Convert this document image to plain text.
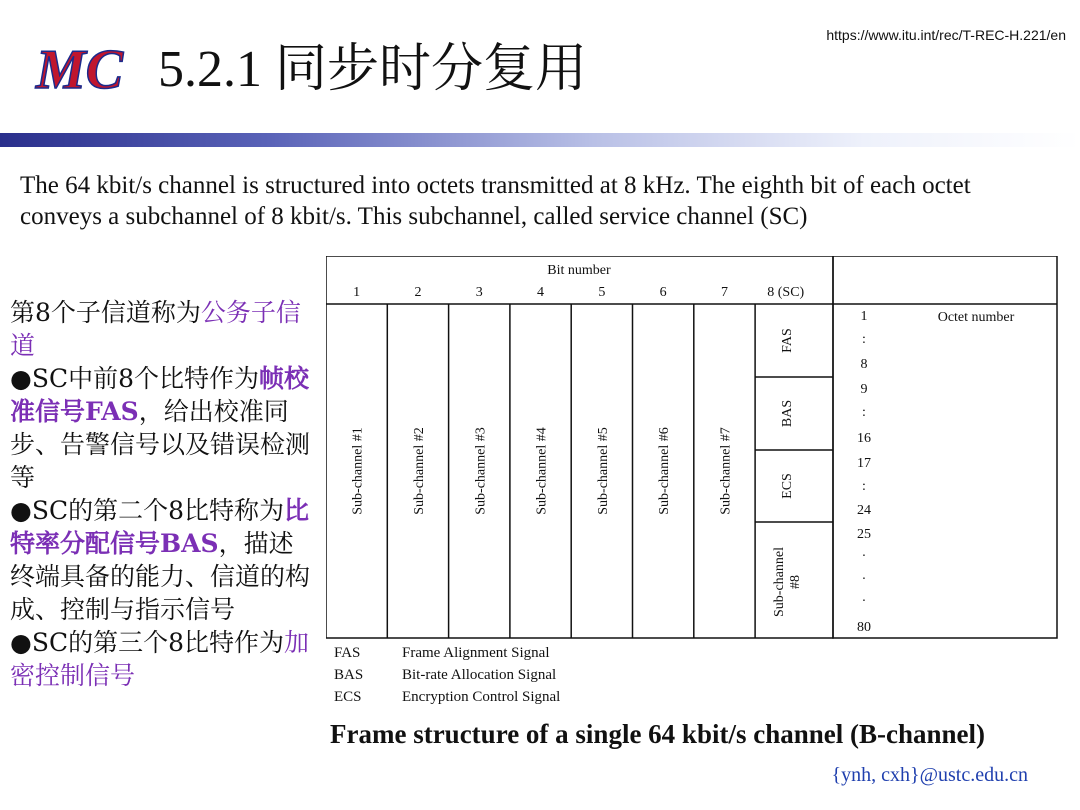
MC 5.2.1 同步时分复用
https://www.itu.int/rec/T-REC-H.221/en
The 64 kbit/s channel is structured into octets transmitted at 8 kHz. The eighth bit of each octet
conveys a subchannel of 8 kbit/s. This subchannel, called service channel (SC)

第8个子信道称为公务子信道

●SC中前8个比特作为帧校准信号FAS，给出校准同步、告警信号以及错误检测等

●SC的第二个8比特称为比特率分配信号BAS，描述终端具备的能力、信道的构成、控制与指示信号

●SC的第三个8比特作为加密控制信号

Bit number
1	2	3	4	5	6	7	8 (SC)
Sub-channel #1	Sub-channel #2	Sub-channel #3	Sub-channel #4	Sub-channel #5	Sub-channel #6	Sub-channel #7
FAS
BAS
ECS
Sub-channel #8
Octet number
1
:
8
9
:
16
17
:
24
25
·
·
·
80
FAS	Frame Alignment Signal
BAS	Bit-rate Allocation Signal
ECS	Encryption Control Signal
Frame structure of a single 64 kbit/s channel (B-channel)
{ynh, cxh}@ustc.edu.cn
